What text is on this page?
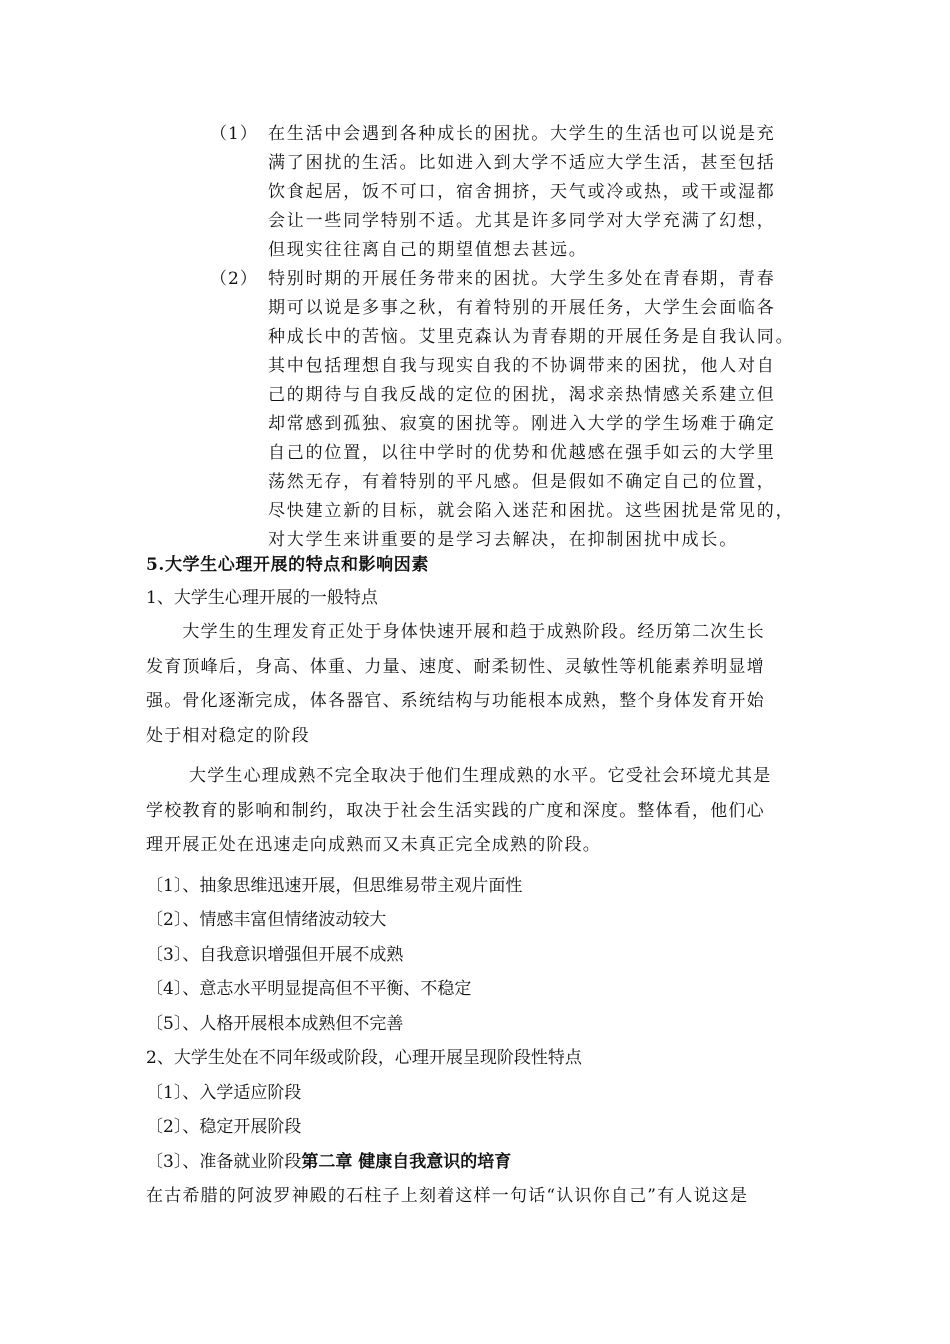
（1） 在生活中会遇到各种成长的困扰。大学生的生活也可以说是充
满了困扰的生活。比如进入到大学不适应大学生活，甚至包括
饮食起居，饭不可口，宿舍拥挤，天气或冷或热，或干或湿都
会让一些同学特别不适。尤其是许多同学对大学充满了幻想，
但现实往往离自己的期望值想去甚远。
（2） 特别时期的开展任务带来的困扰。大学生多处在青春期，青春
期可以说是多事之秋，有着特别的开展任务，大学生会面临各
种成长中的苦恼。艾里克森认为青春期的开展任务是自我认同。
其中包括理想自我与现实自我的不协调带来的困扰，他人对自
己的期待与自我反战的定位的困扰，渴求亲热情感关系建立但
却常感到孤独、寂寞的困扰等。刚进入大学的学生场难于确定
自己的位置，以往中学时的优势和优越感在强手如云的大学里
荡然无存，有着特别的平凡感。但是假如不确定自己的位置，
尽快建立新的目标，就会陷入迷茫和困扰。这些困扰是常见的，
对大学生来讲重要的是学习去解决，在抑制困扰中成长。
5.大学生心理开展的特点和影响因素
1、大学生心理开展的一般特点
　　大学生的生理发育正处于身体快速开展和趋于成熟阶段。经历第二次生长
发育顶峰后，身高、体重、力量、速度、耐柔韧性、灵敏性等机能素养明显增
强。骨化逐渐完成，体各器官、系统结构与功能根本成熟，整个身体发育开始
处于相对稳定的阶段
　　 大学生心理成熟不完全取决于他们生理成熟的水平。它受社会环境尤其是
学校教育的影响和制约，取决于社会生活实践的广度和深度。整体看，他们心
理开展正处在迅速走向成熟而又未真正完全成熟的阶段。
〔1〕、抽象思维迅速开展，但思维易带主观片面性
〔2〕、情感丰富但情绪波动较大
〔3〕、自我意识增强但开展不成熟
〔4〕、意志水平明显提高但不平衡、不稳定
〔5〕、人格开展根本成熟但不完善
2、大学生处在不同年级或阶段，心理开展呈现阶段性特点
〔1〕、入学适应阶段
〔2〕、稳定开展阶段
〔3〕、准备就业阶段第二章 健康自我意识的培育
在古希腊的阿波罗神殿的石柱子上刻着这样一句话“认识你自己”有人说这是
